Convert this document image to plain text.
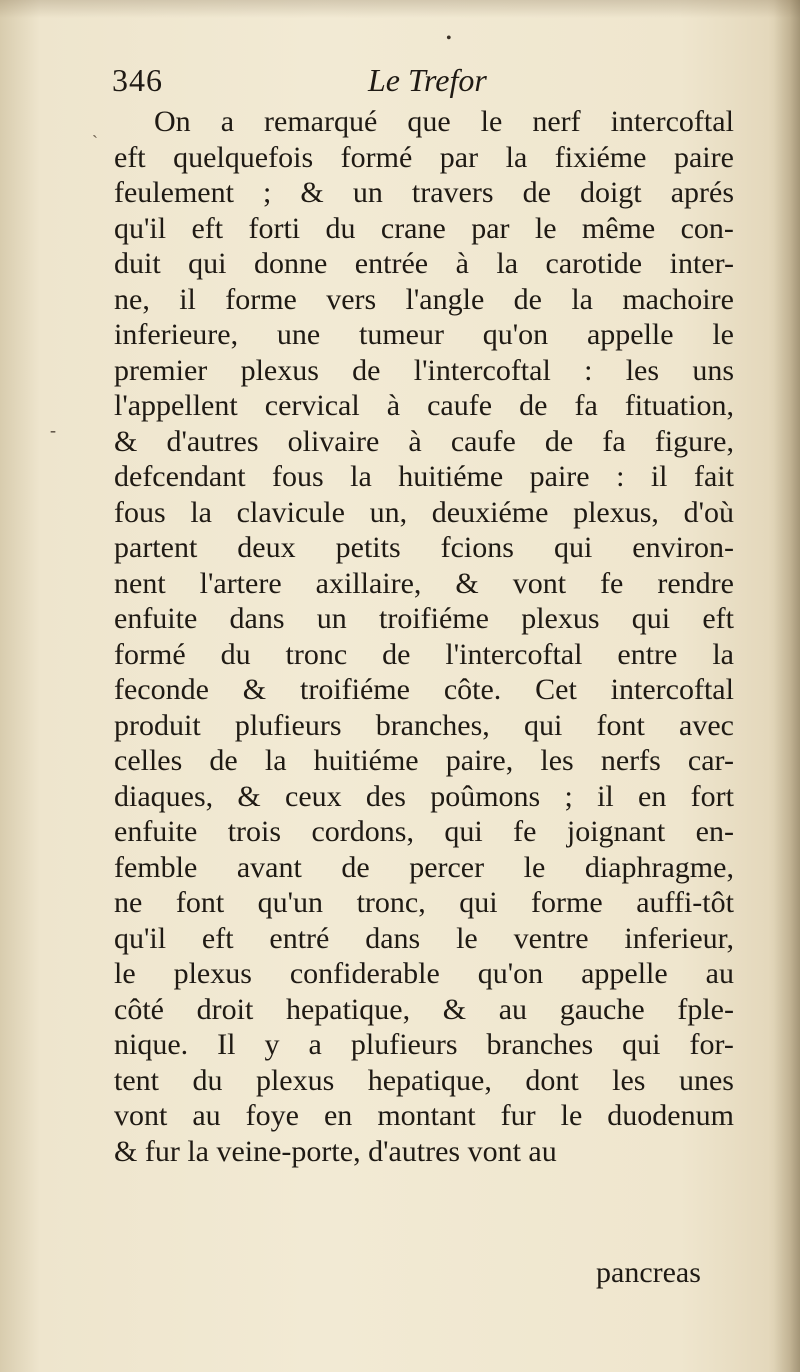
•
ˎ
‑
346	Le Trefor
On a remarqué que le nerf intercoftal
eft quelquefois formé par la fixiéme paire
feulement ; & un travers de doigt aprés
qu'il eft forti du crane par le même con-
duit qui donne entrée à la carotide inter-
ne, il forme vers l'angle de la machoire
inferieure, une tumeur qu'on appelle le
premier plexus de l'intercoftal : les uns
l'appellent cervical à caufe de fa fituation,
& d'autres olivaire à caufe de fa figure,
defcendant fous la huitiéme paire : il fait
fous la clavicule un, deuxiéme plexus, d'où
partent deux petits fcions qui environ-
nent l'artere axillaire, & vont fe rendre
enfuite dans un troifiéme plexus qui eft
formé du tronc de l'intercoftal entre la
feconde & troifiéme côte. Cet intercoftal
produit plufieurs branches, qui font avec
celles de la huitiéme paire, les nerfs car-
diaques, & ceux des poûmons ; il en fort
enfuite trois cordons, qui fe joignant en-
femble avant de percer le diaphragme,
ne font qu'un tronc, qui forme auffi-tôt
qu'il eft entré dans le ventre inferieur,
le plexus confiderable qu'on appelle au
côté droit hepatique, & au gauche fple-
nique. Il y a plufieurs branches qui for-
tent du plexus hepatique, dont les unes
vont au foye en montant fur le duodenum
& fur la veine-porte, d'autres vont au
pancreas
